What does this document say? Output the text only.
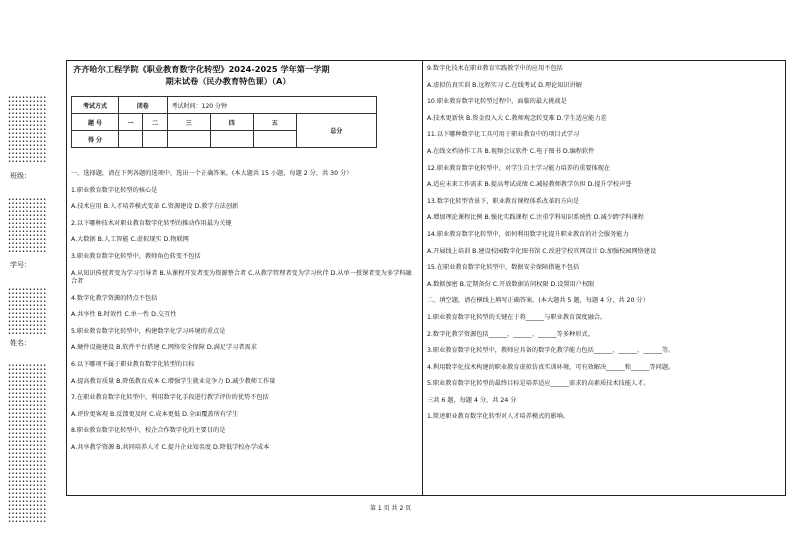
•••••••••••
•••••••••••
•••••••••••
•••••••••••
•••••••••••
•••••••••••
•••••••••••
•••••••••••
•••••••••••
•••••••••••
•••••••••••
•••••••••••
•••••••••••
•••••••••••
•••••••••••
•••••••••••
•••••••••••
班级：
•••••••••••
•••••••••••
•••••••••••
•••••••••••
•••••••••••
•••••••••••
•••••••••••
•••••••••••
•••••••••••
•••••••••••
•••••••••••
•••••••••••
•••••••••••
•••••••••••
学号：
•••••••••••
•••••••••••
•••••••••••
•••••••••••
•••••••••••
•••••••••••
•••••••••••
•••••••••••
•••••••••••
•••••••••••
•••••••••••
•••••••••••
姓名：
•••••••••••
•••••••••••
•••••••••••
•••••••••••
•••••••••••
•••••••••••
•••••••••••
•••••••••••
•••••••••••
•••••••••••
•••••••••••
•••••••••••
•••••••••••
•••••••••••
•••••••••••
•••••••••••
•••••••••••
•••••••••••
•••••••••••
•••••••••••
•••••••••••
•••••••••••
•••••••••••
•••••••••••
•••••••••••
•••••••••••
•••••••••••
•••••••••••
•••••••••••
•••••••••••
•••••••••••
•••••••••••
•••••••••••
•••••••••••
•••••••••••
•••••••••••
•••••••••••
•••••••••••
•••••••••••
•••••••••••
齐齐哈尔工程学院《职业教育数字化转型》2024-2025 学年第一学期
期末试卷（民办教育特色课）（A）
考试方式	闭卷		考试时间：120 分钟			
题 号	一	二	三	四	五	总分
得 分						

一、选择题，请在下列各题的选项中，选出一个正确答案。(本大题共 15 小题，每题 2 分，共 30 分）

1.职业教育数字化转型的核心是

A.技术应用 B.人才培养模式变革 C.资源建设 D.教学方法创新

2.以下哪种技术对职业教育数字化转型的推动作用最为关键

A.大数据 B.人工智能 C.虚拟现实 D.物联网

3.职业教育数字化转型中，教师角色转变不包括

A.从知识传授者变为学习引导者 B.从课程开发者变为资源整合者 C.从教学管理者变为学习伙伴 D.从单一授课者变为多学科融合者

4.数字化教学资源的特点不包括

A.共享性 B.时效性 C.单一性 D.交互性

5.职业教育数字化转型中，构建数字化学习环境的重点是

A.硬件设施建设 B.软件平台搭建 C.网络安全保障 D.满足学习者需求

6.以下哪项不属于职业教育数字化转型的目标

A.提高教育质量 B.降低教育成本 C.增强学生就业竞争力 D.减少教师工作量

7.在职业教育数字化转型中，利用数字化手段进行教学评价的优势不包括

A.评价更客观 B.反馈更及时 C.成本更低 D.全面覆盖所有学生

8.职业教育数字化转型中，校企合作数字化的主要目的是

A.共享教学资源 B.共同培养人才 C.提升企业知名度 D.降低学校办学成本

9.数字化技术在职业教育实践教学中的应用不包括

A.虚拟仿真实训 B.远程实习 C.在线考试 D.理论知识讲解

10.职业教育数字化转型过程中，面临的最大挑战是

A.技术更新快 B.资金投入大 C.教师观念转变难 D.学生适应能力差

11.以下哪种数字化工具可用于职业教育中的项目式学习

A.在线文档协作工具 B.视频会议软件 C.电子图书 D.编程软件

12.职业教育数字化转型中，对学生自主学习能力培养的重要体现在

A.适应未来工作需求 B.提高考试成绩 C.减轻教师教学负担 D.提升学校声誉

13.数字化转型背景下，职业教育课程体系改革的方向是

A.增加理论课程比例 B.强化实践课程 C.注重学科知识系统性 D.减少跨学科课程

14.职业教育数字化转型中，如何利用数字化提升职业教育的社会服务能力

A.开展线上培训 B.建设校园数字化图书馆 C.改进学校官网设计 D.加强校园网络建设

15.在职业教育数字化转型中，数据安全保障措施不包括

A.数据加密 B.定期备份 C.开放数据访问权限 D.设置用户权限

二、填空题，请在横线上填写正确答案。(本大题共 5 题，每题 4 分，共 20 分）

1.职业教育数字化转型的关键在于将______与职业教育深度融合。

2.数字化教学资源包括______、______、______等多种形式。

3.职业教育数字化转型中，教师应具备的数字化教学能力包括______、______、______等。

4.利用数字化技术构建的职业教育虚拟仿真实训环境，可有效解决______和______等问题。

5.职业教育数字化转型的最终目标是培养适应______需求的高素质技术技能人才。

三共 6 题，每题 4 分，共 24 分

1.简述职业教育数字化转型对人才培养模式的影响。

第 1 页 共 2 页
